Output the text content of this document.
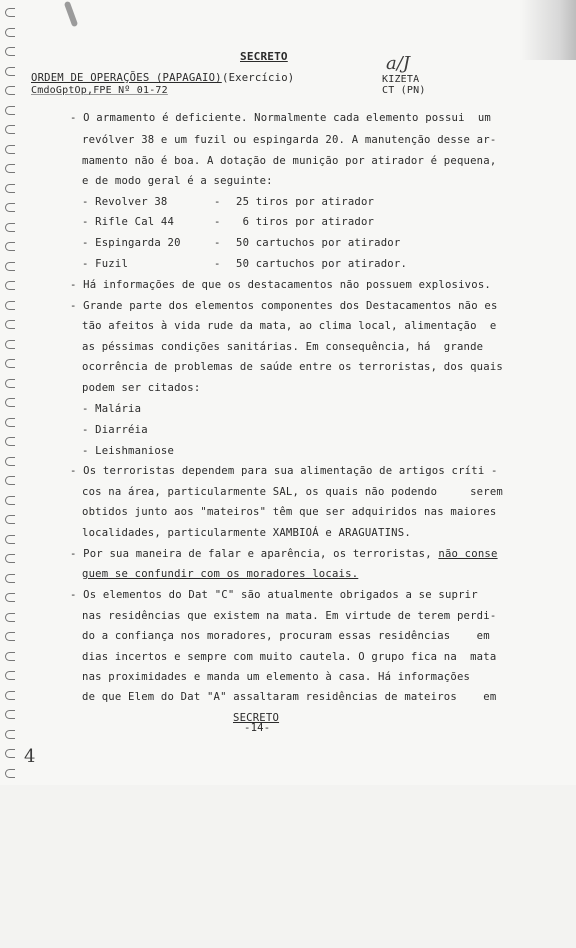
SECRETO
ORDEM DE OPERAÇÕES (PAPAGAIO) (Exercício)
CmdoGptOp,FPE Nº 01-72
a/J
KIZETA
CT (PN)
- O armamento é deficiente. Normalmente cada elemento possui  um
revólver 38 e um fuzil ou espingarda 20. A manutenção desse ar-
mamento não é boa. A dotação de munição por atirador é pequena,
e de modo geral é a seguinte:
- Revolver 38	- 25 tiros por atirador
- Rifle Cal 44	- 6 tiros por atirador
- Espingarda 20	- 50 cartuchos por atirador
- Fuzil	- 50 cartuchos por atirador.
- Há informações de que os destacamentos não possuem explosivos.
- Grande parte dos elementos componentes dos Destacamentos não es
tão afeitos à vida rude da mata, ao clima local, alimentação  e
as péssimas condições sanitárias. Em consequência, há  grande
ocorrência de problemas de saúde entre os terroristas, dos quais
podem ser citados:
- Malária
- Diarréia
- Leishmaniose
- Os terroristas dependem para sua alimentação de artigos críti -
cos na área, particularmente SAL, os quais não podendo     serem
obtidos junto aos "mateiros" têm que ser adquiridos nas maiores
localidades, particularmente XAMBIOÁ e ARAGUATINS.
- Por sua maneira de falar e aparência, os terroristas, não conse
guem se confundir com os moradores locais.
- Os elementos do Dat "C" são atualmente obrigados a se suprir
nas residências que existem na mata. Em virtude de terem perdi-
do a confiança nos moradores, procuram essas residências    em
dias incertos e sempre com muito cautela. O grupo fica na  mata
nas proximidades e manda um elemento à casa. Há informações
de que Elem do Dat "A" assaltaram residências de mateiros    em
SECRETO
-14-
4
